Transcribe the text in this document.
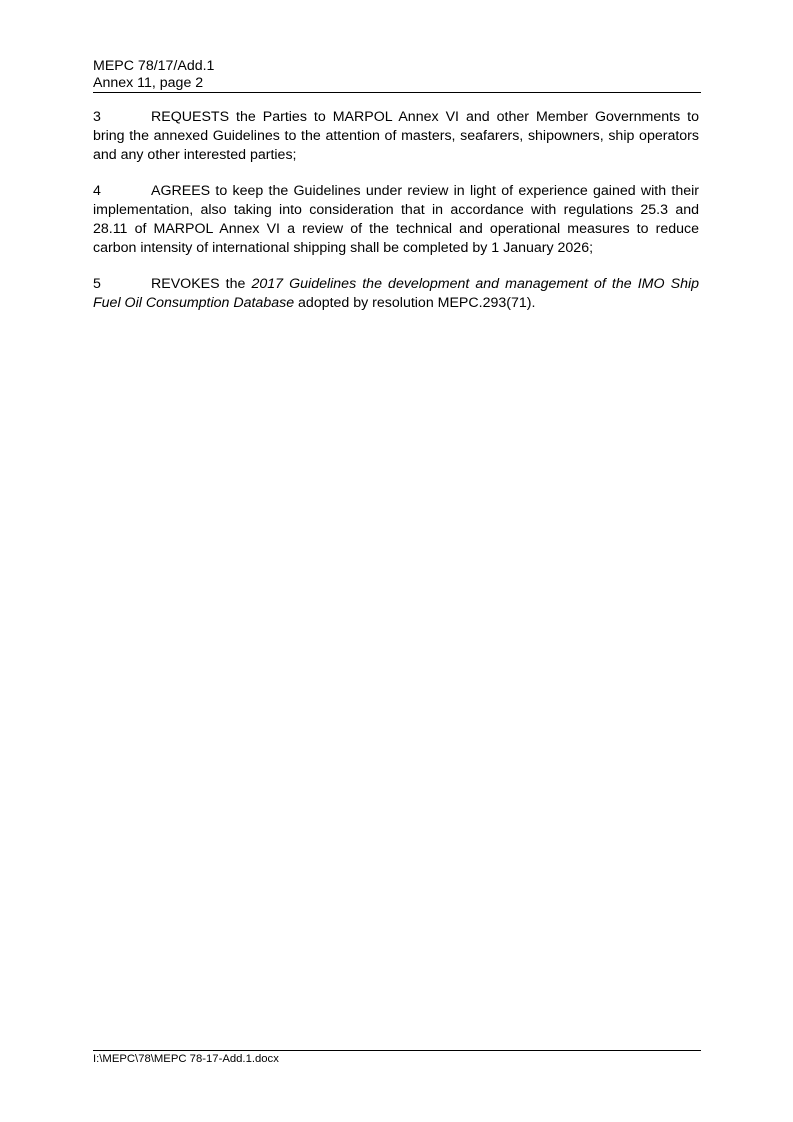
MEPC 78/17/Add.1
Annex 11, page 2

3	REQUESTS the Parties to MARPOL Annex VI and other Member Governments to bring the annexed Guidelines to the attention of masters, seafarers, shipowners, ship operators and any other interested parties;

4	AGREES to keep the Guidelines under review in light of experience gained with their implementation, also taking into consideration that in accordance with regulations 25.3 and 28.11 of MARPOL Annex VI a review of the technical and operational measures to reduce carbon intensity of international shipping shall be completed by 1 January 2026;

5	REVOKES the 2017 Guidelines the development and management of the IMO Ship Fuel Oil Consumption Database adopted by resolution MEPC.293(71).

I:\MEPC\78\MEPC 78-17-Add.1.docx
